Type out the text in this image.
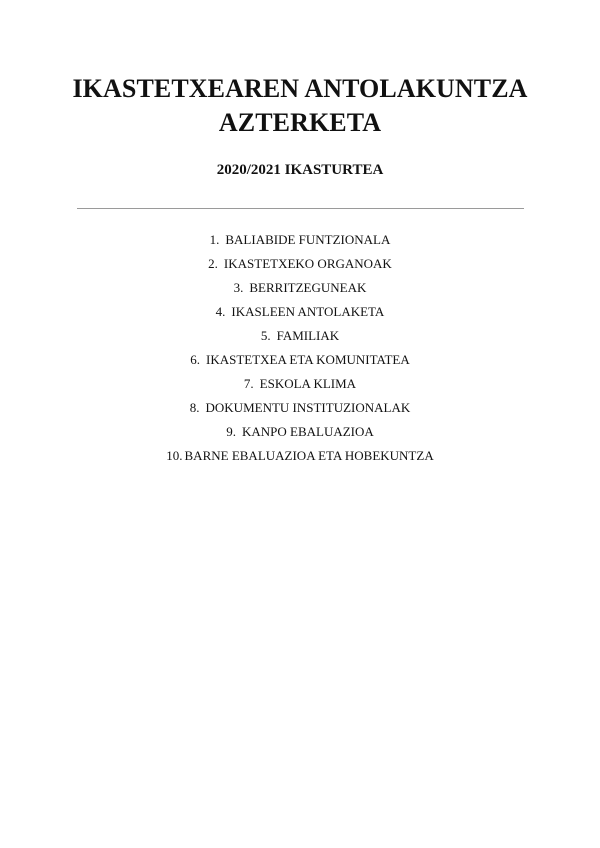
IKASTETXEAREN ANTOLAKUNTZA
AZTERKETA
2020/2021 IKASTURTEA
1. BALIABIDE FUNTZIONALA
2. IKASTETXEKO ORGANOAK
3. BERRITZEGUNEAK
4. IKASLEEN ANTOLAKETA
5. FAMILIAK
6. IKASTETXEA ETA KOMUNITATEA
7. ESKOLA KLIMA
8. DOKUMENTU INSTITUZIONALAK
9. KANPO EBALUAZIOA
10. BARNE EBALUAZIOA ETA HOBEKUNTZA
